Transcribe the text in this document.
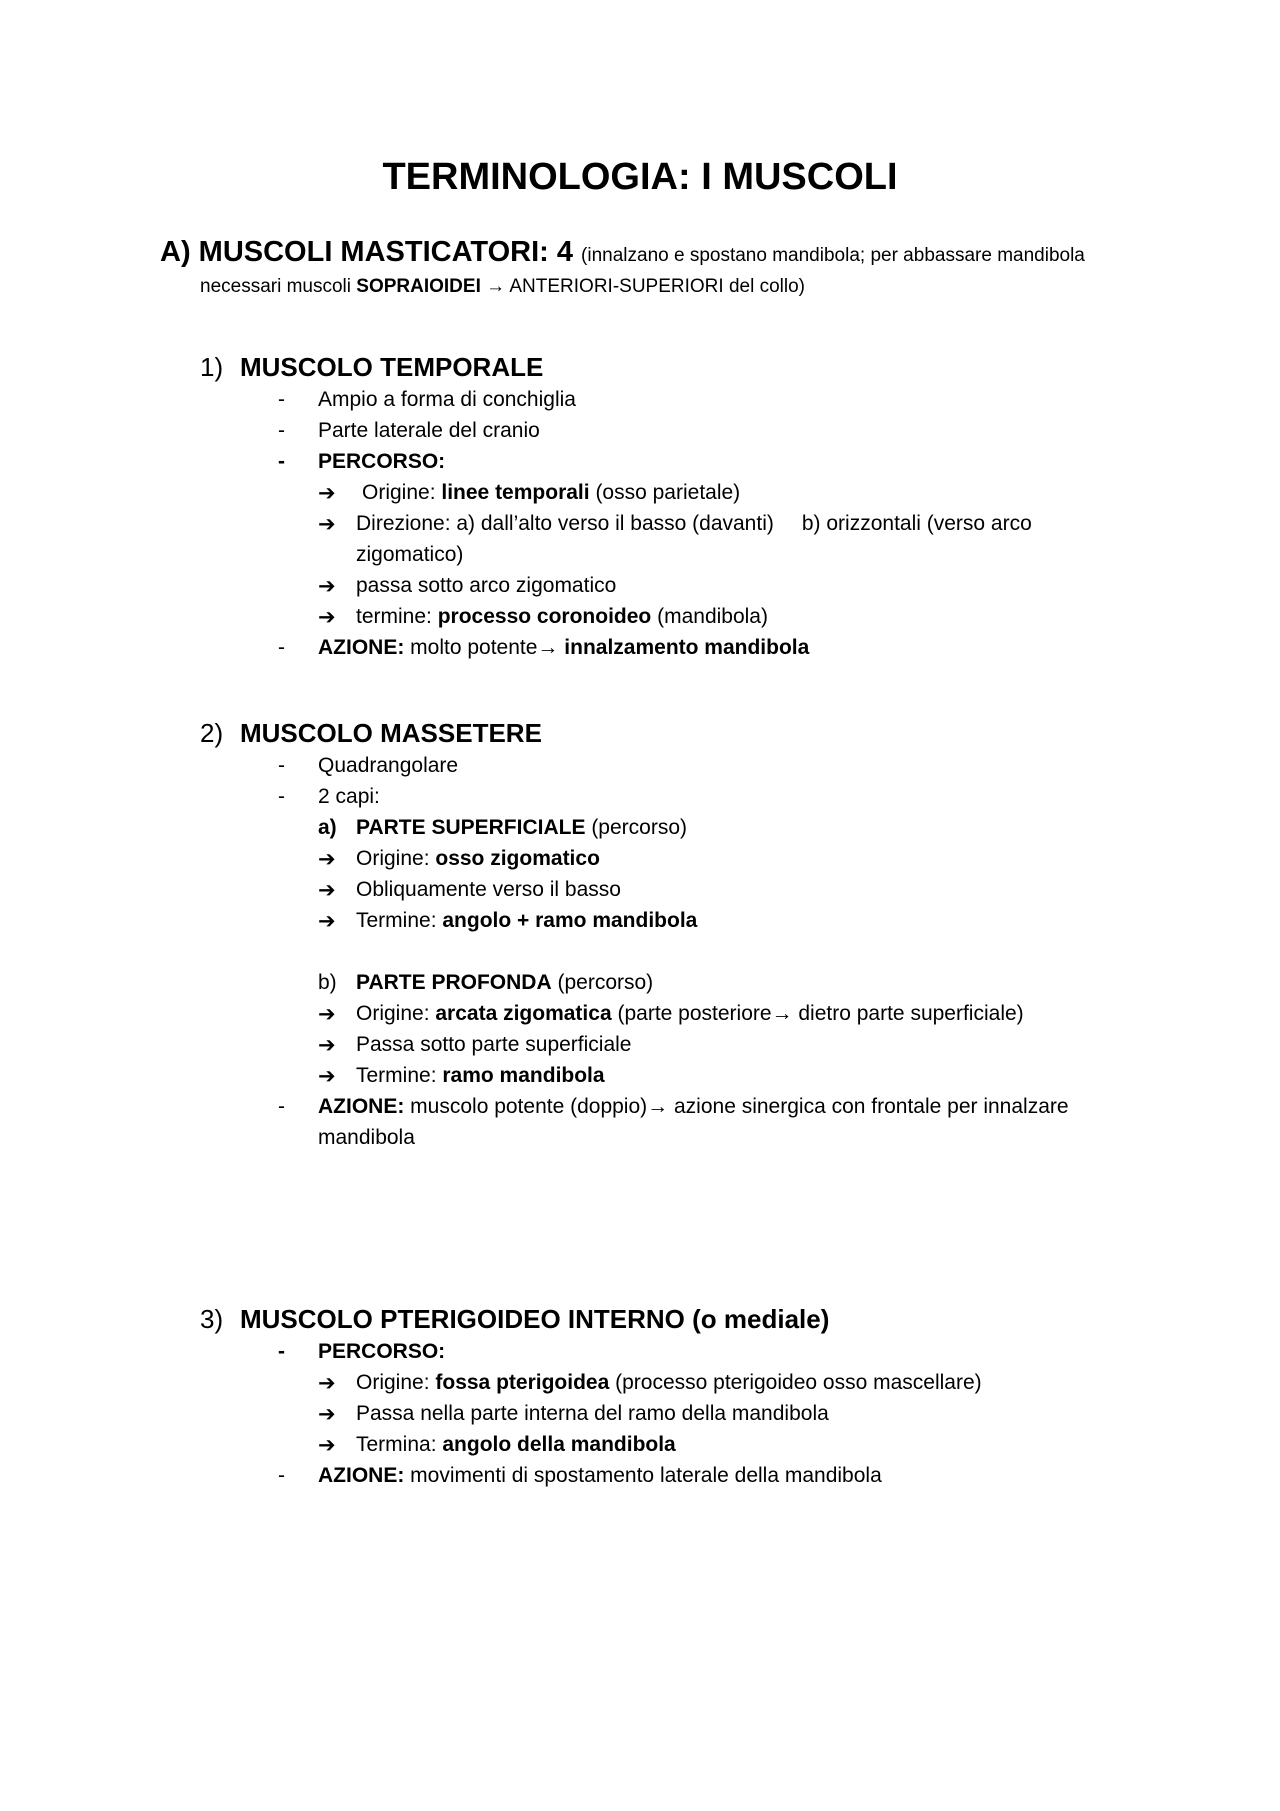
TERMINOLOGIA: I MUSCOLI
A) MUSCOLI MASTICATORI: 4 (innalzano e spostano mandibola; per abbassare mandibola
necessari muscoli SOPRAIOIDEI → ANTERIORI-SUPERIORI del collo)
1) MUSCOLO TEMPORALE
- Ampio a forma di conchiglia
- Parte laterale del cranio
- PERCORSO:
➔ Origine: linee temporali (osso parietale)
➔ Direzione: a) dall’alto verso il basso (davanti) b) orizzontali (verso arco
zigomatico)
➔ passa sotto arco zigomatico
➔ termine: processo coronoideo (mandibola)
- AZIONE: molto potente→ innalzamento mandibola
2) MUSCOLO MASSETERE
- Quadrangolare
- 2 capi:
a) PARTE SUPERFICIALE (percorso)
➔ Origine: osso zigomatico
➔ Obliquamente verso il basso
➔ Termine: angolo + ramo mandibola
b) PARTE PROFONDA (percorso)
➔ Origine: arcata zigomatica (parte posteriore→ dietro parte superficiale)
➔ Passa sotto parte superficiale
➔ Termine: ramo mandibola
- AZIONE: muscolo potente (doppio)→ azione sinergica con frontale per innalzare
mandibola
3) MUSCOLO PTERIGOIDEO INTERNO (o mediale)
- PERCORSO:
➔ Origine: fossa pterigoidea (processo pterigoideo osso mascellare)
➔ Passa nella parte interna del ramo della mandibola
➔ Termina: angolo della mandibola
- AZIONE: movimenti di spostamento laterale della mandibola
